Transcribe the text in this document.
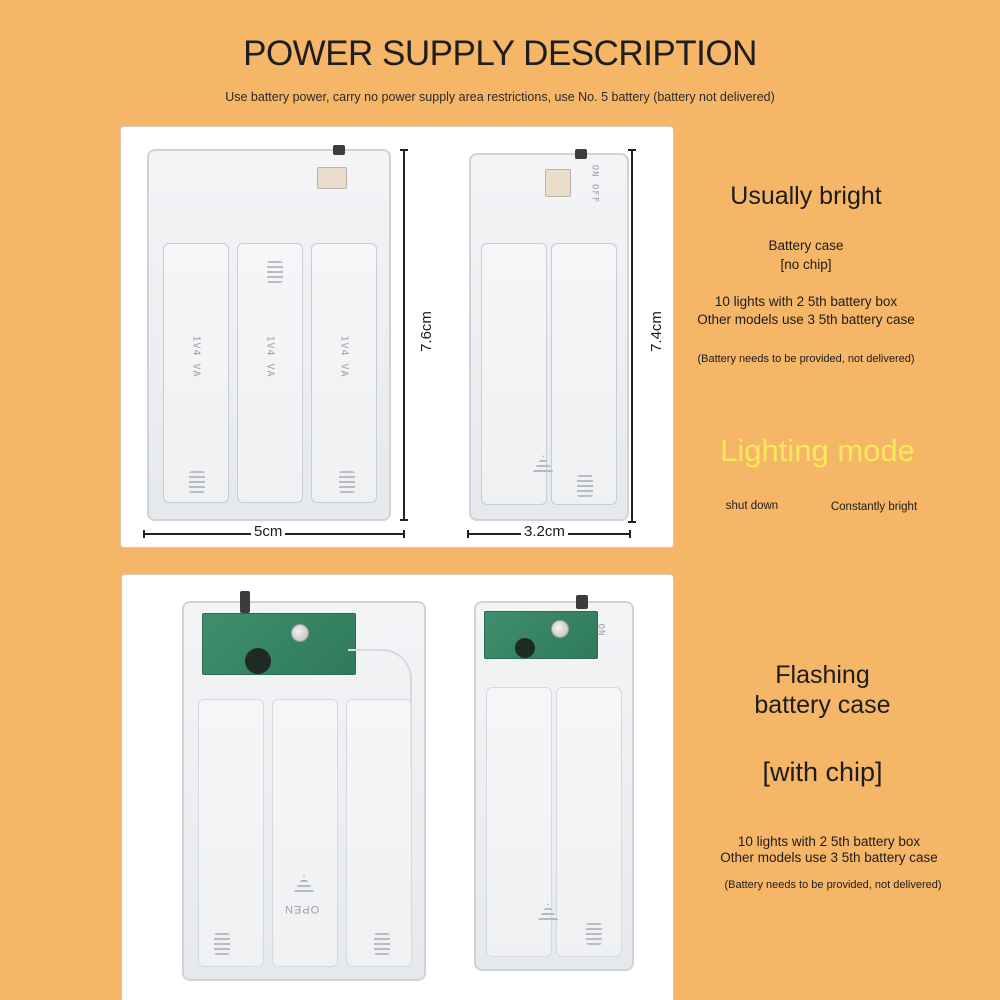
POWER SUPPLY DESCRIPTION
Use battery power, carry no power supply area restrictions, use No. 5 battery (battery not delivered)
1V4 VA	1V4 VA	1V4 VA
7.6cm
5cm
ON OFF
7.4cm
3.2cm
OPEN
ON
Usually bright
Battery case
[no chip]
10 lights with 2 5th battery box
Other models use 3 5th battery case
(Battery needs to be provided, not delivered)
Lighting mode
shut down	Constantly bright
Flashing
battery case
[with chip]
10 lights with 2 5th battery box
Other models use 3 5th battery case
(Battery needs to be provided, not delivered)
